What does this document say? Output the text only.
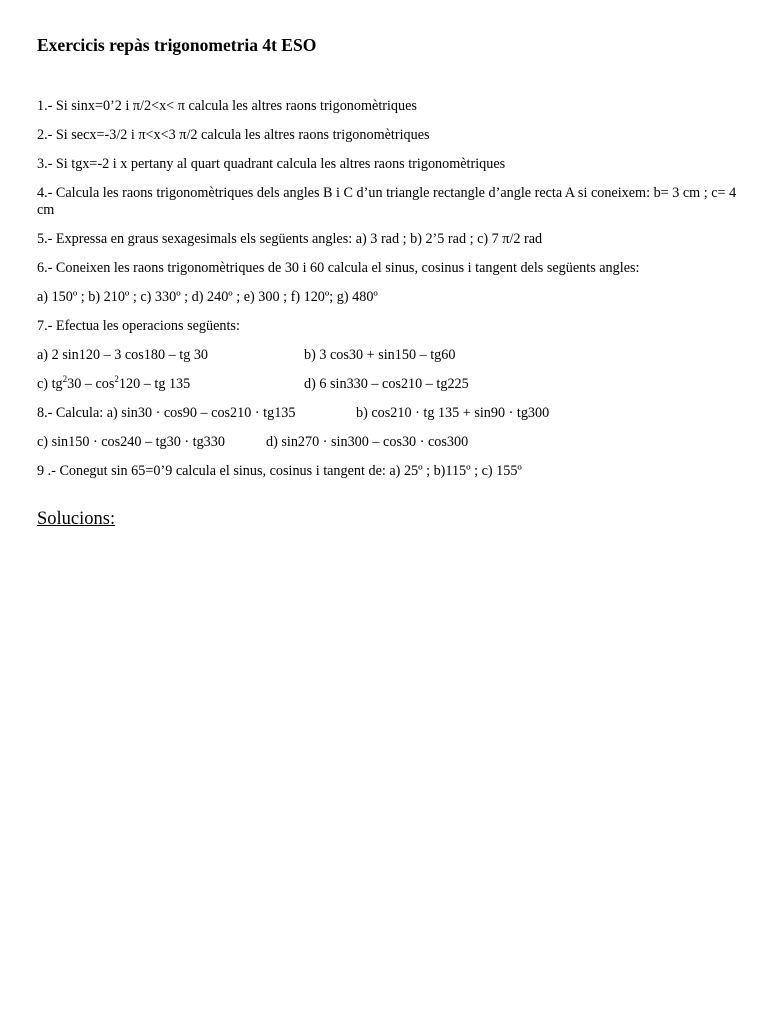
Exercicis repàs trigonometria 4t ESO
1.- Si sinx=0’2 i π/2<x< π calcula les altres raons trigonomètriques
2.- Si secx=-3/2 i π<x<3 π/2 calcula les altres raons trigonomètriques
3.- Si tgx=-2 i x pertany al quart quadrant calcula les altres raons trigonomètriques
4.- Calcula les raons trigonomètriques dels angles B i C d’un triangle rectangle d’angle recta A si coneixem: b= 3 cm ; c= 4 cm
5.- Expressa en graus sexagesimals els següents angles: a) 3 rad ; b) 2’5 rad ; c) 7 π/2 rad
6.- Coneixen les raons trigonomètriques de 30 i 60 calcula el sinus, cosinus i tangent dels següents angles:
a) 150º ; b) 210º ; c) 330º ; d) 240º ; e) 300 ; f) 120º; g) 480º
7.- Efectua les operacions següents:
a) 2 sin120 – 3 cos180 – tg 30	b) 3 cos30 + sin150 – tg60
c) $tg^230 - \cos^2120$ – tg 135	d) 6 sin330 – cos210 – tg225
8.- Calcula: a) sin30 · cos90 – cos210 · tg135	b) cos210 · tg 135 + sin90 · tg300
c) sin150 · cos240 – tg30 · tg330	d) sin270 · sin300 – cos30 · cos300
9 .- Conegut sin 65=0’9 calcula el sinus, cosinus i tangent de: a) 25º ; b)115º ; c) 155º
Solucions:
